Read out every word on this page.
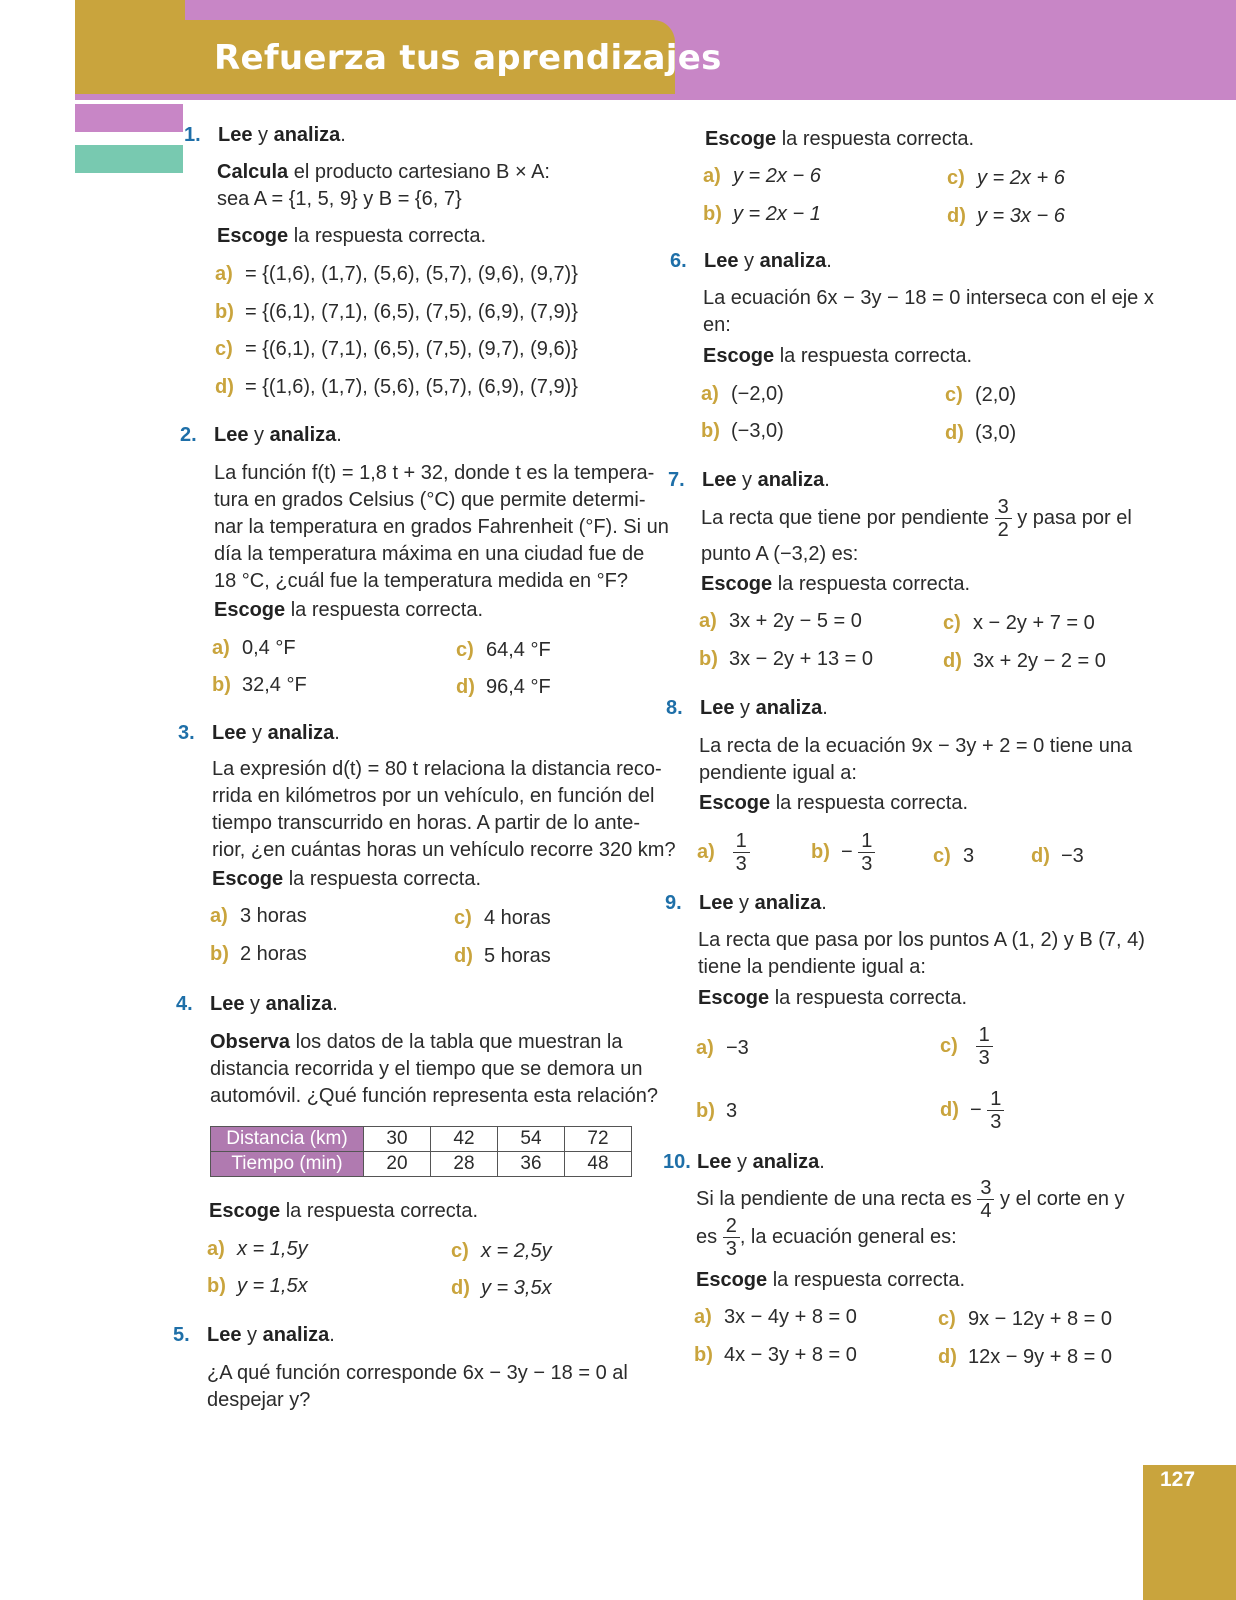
Refuerza tus aprendizajes
1. Lee y analiza.
Calcula el producto cartesiano B × A:
sea A = {1, 5, 9} y B = {6, 7}
Escoge la respuesta correcta.
a) = {(1,6), (1,7), (5,6), (5,7), (9,6), (9,7)}
b) = {(6,1), (7,1), (6,5), (7,5), (6,9), (7,9)}
c) = {(6,1), (7,1), (6,5), (7,5), (9,7), (9,6)}
d) = {(1,6), (1,7), (5,6), (5,7), (6,9), (7,9)}
2. Lee y analiza.
La función f(t) = 1,8 t + 32, donde t es la tempera-
tura en grados Celsius (°C) que permite determi-
nar la temperatura en grados Fahrenheit (°F). Si un
día la temperatura máxima en una ciudad fue de
18 °C, ¿cuál fue la temperatura medida en °F?
Escoge la respuesta correcta.
a) 0,4 °F
b) 32,4 °F
c) 64,4 °F
d) 96,4 °F
3. Lee y analiza.
La expresión d(t) = 80 t relaciona la distancia reco-
rrida en kilómetros por un vehículo, en función del
tiempo transcurrido en horas. A partir de lo ante-
rior, ¿en cuántas horas un vehículo recorre 320 km?
Escoge la respuesta correcta.
a) 3 horas
b) 2 horas
c) 4 horas
d) 5 horas
4. Lee y analiza.
Observa los datos de la tabla que muestran la
distancia recorrida y el tiempo que se demora un
automóvil. ¿Qué función representa esta relación?
Distancia (km)	30	42	54	72
Tiempo (min)	20	28	36	48
Escoge la respuesta correcta.
a) x = 1,5y
b) y = 1,5x
c) x = 2,5y
d) y = 3,5x
5. Lee y analiza.
¿A qué función corresponde 6x − 3y − 18 = 0 al
despejar y?
Escoge la respuesta correcta.
a) y = 2x − 6
b) y = 2x − 1
c) y = 2x + 6
d) y = 3x − 6
6. Lee y analiza.
La ecuación 6x − 3y − 18 = 0 interseca con el eje x
en:
Escoge la respuesta correcta.
a) (−2,0)
b) (−3,0)
c) (2,0)
d) (3,0)
7. Lee y analiza.
La recta que tiene por pendiente $\frac{3}{2}$ y pasa por el
punto A (−3,2) es:
Escoge la respuesta correcta.
a) 3x + 2y − 5 = 0
b) 3x − 2y + 13 = 0
c) x − 2y + 7 = 0
d) 3x + 2y − 2 = 0
8. Lee y analiza.
La recta de la ecuación 9x − 3y + 2 = 0 tiene una
pendiente igual a:
Escoge la respuesta correcta.
$a) \frac{1}{3}$	$b) - \frac{1}{3}$	c) 3	d) −3
9. Lee y analiza.
La recta que pasa por los puntos A (1, 2) y B (7, 4)
tiene la pendiente igual a:
Escoge la respuesta correcta.
a) −3
b) 3
$c) \frac{1}{3}$
$d) - \frac{1}{3}$
10. Lee y analiza.
Si la pendiente de una recta es $\frac{3}{4}$ y el corte en y
es $\frac{2}{3}$ , la ecuación general es:
Escoge la respuesta correcta.
a) 3x − 4y + 8 = 0
b) 4x − 3y + 8 = 0
c) 9x − 12y + 8 = 0
d) 12x − 9y + 8 = 0
127
